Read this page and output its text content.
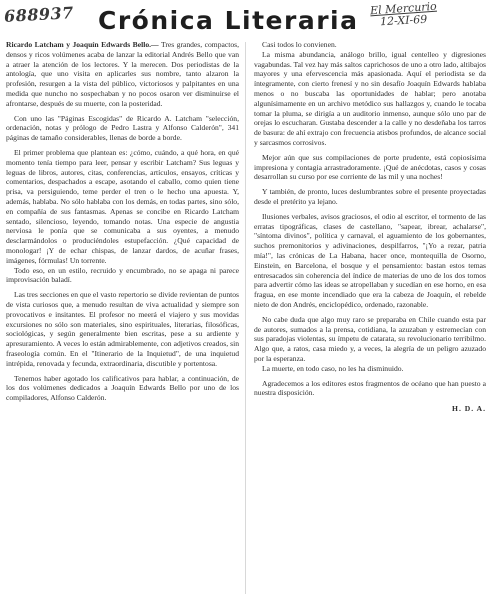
688937	El Mercurio
12-XI-69
Crónica Literaria

Ricardo Latcham y Joaquín Edwards Bello.— Tres grandes, compactos, densos y ricos volúmenes acaba de lanzar la editorial Andrés Bello que van a atraer la atención de los lectores. Y la merecen. Dos periodistas de la antología, que uno visita en aplicarles sus nombre, tanto alzaron la profesión, resurgen a la vista del público, victoriosos y palpitantes en una medida que nuncho no sospechaban y no pocos osaron ver disminuirse el afrontarse, después de su muerte, con la posteridad.

Con uno las "Páginas Escogidas" de Ricardo A. Latcham "selección, ordenación, notas y prólogo de Pedro Lastra y Alfonso Calderón", 341 páginas de tamaño considerables, llenas de borde a borde.

El primer problema que plantean es: ¿cómo, cuándo, a qué hora, en qué momento tenía tiempo para leer, pensar y escribir Latcham? Sus leguas y leguas de libros, autores, citas, conferencias, artículos, ensayos, críticas y comentarios, despachados a escape, asotando el caballo, como quien tiene prisa, va persiguiendo, teme perder el tren o le hecho una apuesta. Y, además, hablaba. No sólo hablaba con los demás, en todas partes, sino sólo, en compañía de sus fantasmas. Apenas se concibe en Ricardo Latcham sentado, silencioso, leyendo, tomando notas. Una especie de angustia nerviosa le ponía que se comunicaba a sus oyentes, a menudo desclarmándolos o produciéndoles estupefacción. ¿Qué capacidad de monologar! ¡Y de echar chispas, de lanzar dardos, de acuñar frases, imágenes, fórmulas! Un torrente.

Todo eso, en un estilo, recruido y encumbrado, no se apaga ni parece improvisación baladí.

Las tres secciones en que el vasto repertorio se divide revientan de puntos de vista curiosos que, a menudo resultan de viva actualidad y siempre son provocativos e insitantes. El profesor no meerá el viajero y sus movidas excursiones no sólo son materiales, sino espirituales, literarias, filosóficas, sociológicas, y según generalmente bien escritas, pese a su ardiente y apresuramiento. A veces lo están admirablemente, con adjetivos creados, sin fraseología común. En el "Itinerario de la Inquietud", de una inquietud intrépida, renovada y fecunda, extraordinaria, discutible y portentosa.

Tenemos haber agotado los calificativos para hablar, a continuación, de los dos volúmenes dedicados a Joaquín Edwards Bello por uno de los compiladores, Alfonso Calderón.

Casi todos lo convienen.

La misma abundancia, análogo brillo, igual centelleo y digresiones vagabundas. Tal vez hay más saltos caprichosos de uno a otro lado, altibajos mayores y una efervescencia más apasionada. Aquí el periodista se da íntegramente, con cierto frenesí y no sin desafío Joaquín Edwards hablaba menos o no buscaba las oportunidades de hablar; pero anotaba algunísimamente en un archivo metódico sus hallazgos y, cuando le tocaba tomar la pluma, se dirigía a un auditorio inmenso, aunque sólo uno par de orejas lo escucharan. Gustaba descender a la calle y no desdeñaba los tarros de basura: de ahí extrajo con frecuencia atisbos profundos, de alcance social y sarcasmos corrosivos.

Mejor aún que sus compilaciones de porte prudente, está copiosísima impresiona y contagia arrastradoramente. ¡Qué de anécdotas, casos y cosas desarrollan su curso por ese corriente de las mil y una noches!

Y también, de pronto, luces deslumbrantes sobre el presente proyectadas desde el pretérito ya lejano.

Ilusiones verbales, avisos graciosos, el odio al escritor, el tormento de las erratas tipográficas, clases de castellano, "sapear, ibrear, achalarse", "síntoma divinos", política y carnaval, el aguamiento de los gobernantes, suchos premonitorios y adivinaciones, despilfarros, "¡Yo a rezar, patria mía!", las crónicas de La Habana, hacer once, montequilla de Osorno, Einstein, en Barcelona, el bosque y el pensamiento: bastan estos temas entresacados sin coherencia del índice de materias de uno de los dos tomos para advertir cómo las ideas se atropellaban y sucedían en ese horno, en esa fragua, en ese monte incendiado que era la cabeza de Joaquín, el rebelde nieto de don Andrés, enciclopédico, ordenado, razonable.

No cabe duda que algo muy raro se preparaba en Chile cuando esta par de autores, sumados a la prensa, cotidiana, la azuzaban y estremecían con sus paradojas violentas, su ímpetu de catarata, su revolucionario terribilmo. Algo que, a ratos, casa miedo y, a veces, la alegría de un peligro azuzado por la esperanza.

La muerte, en todo caso, no les ha disminuido.

Agradecemos a los editores estos fragmentos de océano que han puesto a nuestra disposición.

H. D. A.
